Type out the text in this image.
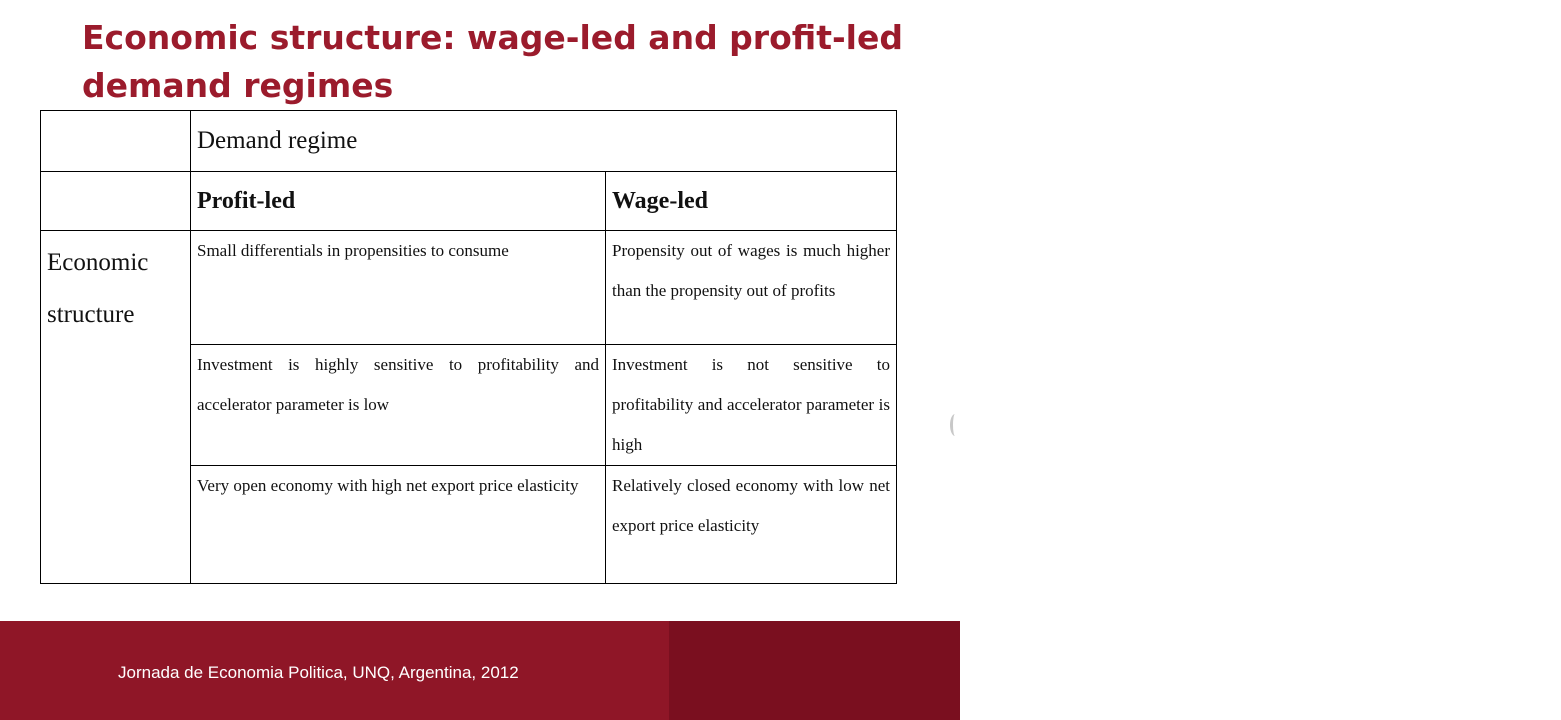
Economic structure: wage-led and profit-led demand regimes
	Demand regime	
	Profit-led	Wage-led
Economic structure	Small differentials in propensities to consume	Propensity out of wages is much higher than the propensity out of profits
	Investment is highly sensitive to profitability and accelerator parameter is low	Investment is not sensitive to profitability and accelerator parameter is high
	Very open economy with high net export price elasticity	Relatively closed economy with low net export price elasticity
uOttawa
Jornada de Economia Politica, UNQ, Argentina, 2012
